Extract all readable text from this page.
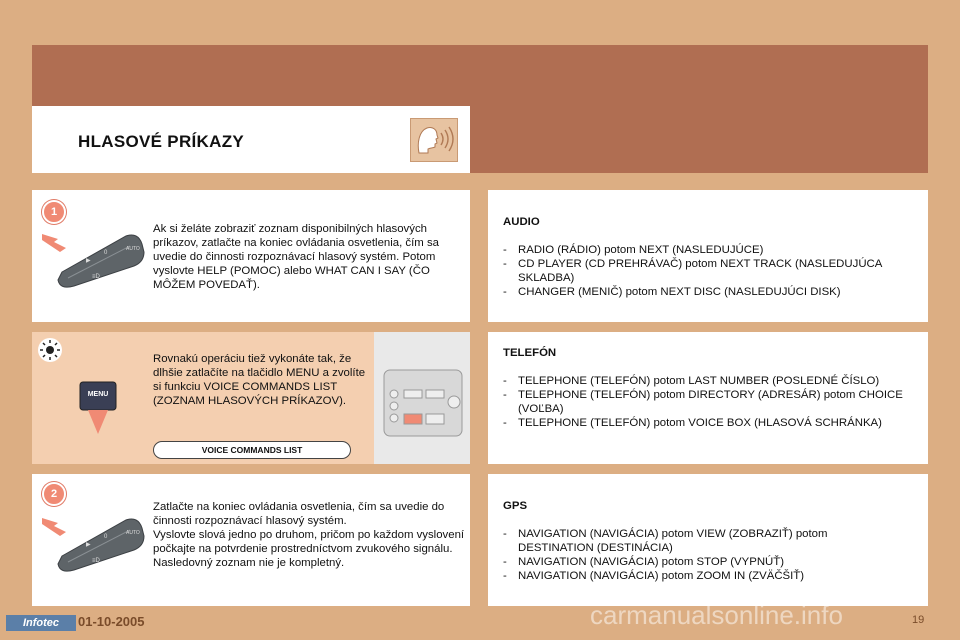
HLASOVÉ PRÍKAZY
1
▶
0
≡D
AUTO
Ak si želáte zobraziť zoznam disponibilných hlasových príkazov, zatlačte na koniec ovládania osvetlenia, čím sa uvedie do činnosti rozpoznávací hlasový systém. Potom vyslovte HELP (POMOC) alebo WHAT CAN I SAY (ČO MÔŽEM POVEDAŤ).
MENU
Rovnakú operáciu tiež vykonáte tak, že dlhšie zatlačíte na tlačidlo MENU a zvolíte si funkciu VOICE COMMANDS LIST (ZOZNAM HLASOVÝCH PRÍKAZOV).
VOICE COMMANDS LIST
2
▶
0
≡D
AUTO

Zatlačte na koniec ovládania osvetlenia, čím sa uvedie do činnosti rozpoznávací hlasový systém.

Vyslovte slová jedno po druhom, pričom po každom vyslovení počkajte na potvrdenie prostredníctvom zvukového signálu.

Nasledovný zoznam nie je kompletný.

AUDIO
- RADIO (RÁDIO) potom NEXT (NASLEDUJÚCE)
- CD PLAYER (CD PREHRÁVAČ) potom NEXT TRACK (NASLEDUJÚCA SKLADBA)
- CHANGER (MENIČ) potom NEXT DISC (NASLEDUJÚCI DISK)
TELEFÓN
- TELEPHONE (TELEFÓN) potom LAST NUMBER (POSLEDNÉ ČÍSLO)
- TELEPHONE (TELEFÓN) potom DIRECTORY (ADRESÁR) potom CHOICE (VOĽBA)
- TELEPHONE (TELEFÓN) potom VOICE BOX (HLASOVÁ SCHRÁNKA)
GPS
- NAVIGATION (NAVIGÁCIA) potom VIEW (ZOBRAZIŤ) potom DESTINATION (DESTINÁCIA)
- NAVIGATION (NAVIGÁCIA) potom STOP (VYPNÚŤ)
- NAVIGATION (NAVIGÁCIA) potom ZOOM IN (ZVÄČŠIŤ)
Infotec	01-10-2005	19
carmanualsonline.info
